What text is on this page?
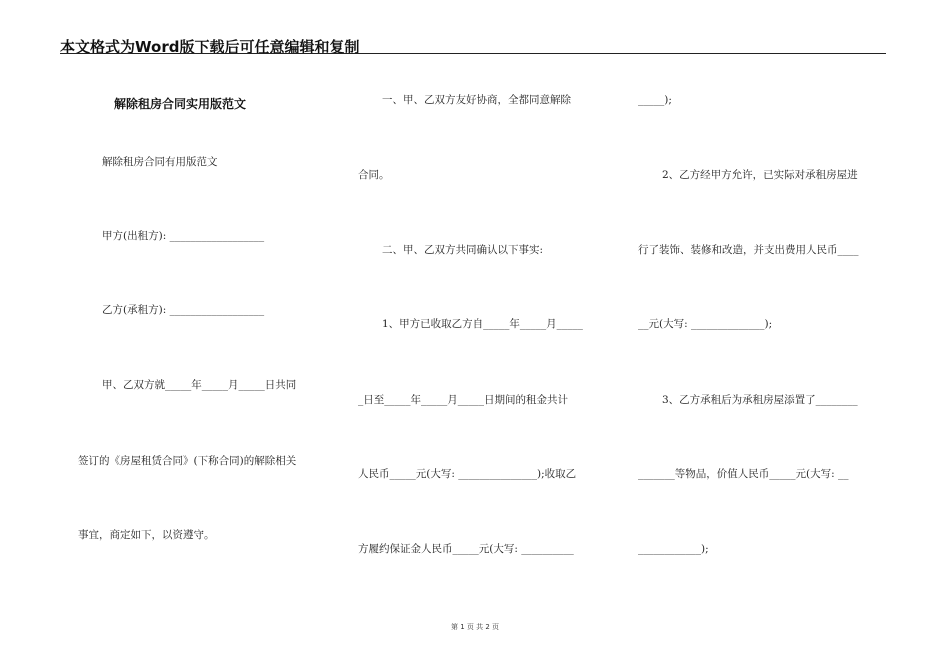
本文格式为Word版下载后可任意编辑和复制
解除租房合同实用版范文
解除租房合同有用版范文
甲方(出租方): __________________
乙方(承租方): __________________
甲、乙双方就_____年_____月_____日共同
签订的《房屋租赁合同》(下称合同)的解除相关
事宜，商定如下，以资遵守。
一、甲、乙双方友好协商，全都同意解除
合同。
二、甲、乙双方共同确认以下事实:
1、甲方已收取乙方自_____年_____月_____
_日至_____年_____月_____日期间的租金共计
人民币_____元(大写: _______________);收取乙
方履约保证金人民币_____元(大写: __________
_____);
2、乙方经甲方允许，已实际对承租房屋进
行了装饰、装修和改造，并支出费用人民币____
__元(大写: ______________);
3、乙方承租后为承租房屋添置了________
_______等物品，价值人民币_____元(大写: __
____________);
第 1 页 共 2 页
